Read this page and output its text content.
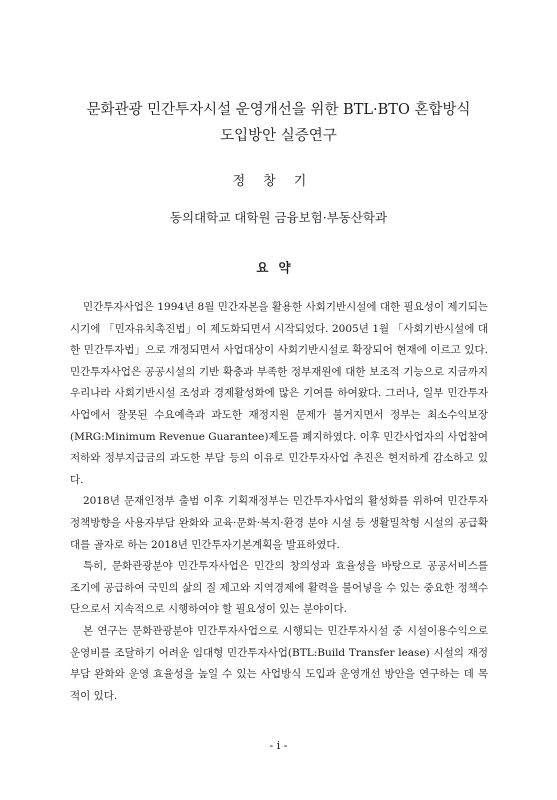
문화관광 민간투자시설 운영개선을 위한 BTL·BTO 혼합방식
도입방안 실증연구

정창기

동의대학교 대학원 금융보험·부동산학과

요약

민간투자사업은 1994년 8월 민간자본을 활용한 사회기반시설에 대한 필요성이 제기되는 시기에 「민자유치촉진법」이 제도화되면서 시작되었다. 2005년 1월 「사회기반시설에 대한 민간투자법」으로 개정되면서 사업대상이 사회기반시설로 확장되어 현재에 이르고 있다. 민간투자사업은 공공시설의 기반 확충과 부족한 정부재원에 대한 보조적 기능으로 지금까지 우리나라 사회기반시설 조성과 경제활성화에 많은 기여를 하여왔다. 그러나, 일부 민간투자사업에서 잘못된 수요예측과 과도한 재정지원 문제가 불거지면서 정부는 최소수익보장(MRG:Minimum Revenue Guarantee)제도를 폐지하였다. 이후 민간사업자의 사업참여 저하와 정부지급금의 과도한 부담 등의 이유로 민간투자사업 추진은 현저하게 감소하고 있다.

2018년 문재인정부 출범 이후 기획재정부는 민간투자사업의 활성화를 위하여 민간투자 정책방향을 사용자부담 완화와 교육·문화·복지·환경 분야 시설 등 생활밀착형 시설의 공급확대를 골자로 하는 2018년 민간투자기본계획을 발표하였다.

특히, 문화관광분야 민간투자사업은 민간의 창의성과 효율성을 바탕으로 공공서비스를 조기에 공급하여 국민의 삶의 질 제고와 지역경제에 활력을 불어넣을 수 있는 중요한 정책수단으로서 지속적으로 시행하여야 할 필요성이 있는 분야이다.

본 연구는 문화관광분야 민간투자사업으로 시행되는 민간투자시설 중 시설이용수익으로 운영비를 조달하기 어려운 임대형 민간투자사업(BTL:Build Transfer lease) 시설의 재정부담 완화와 운영 효율성을 높일 수 있는 사업방식 도입과 운영개선 방안을 연구하는 데 목적이 있다.

- i -
